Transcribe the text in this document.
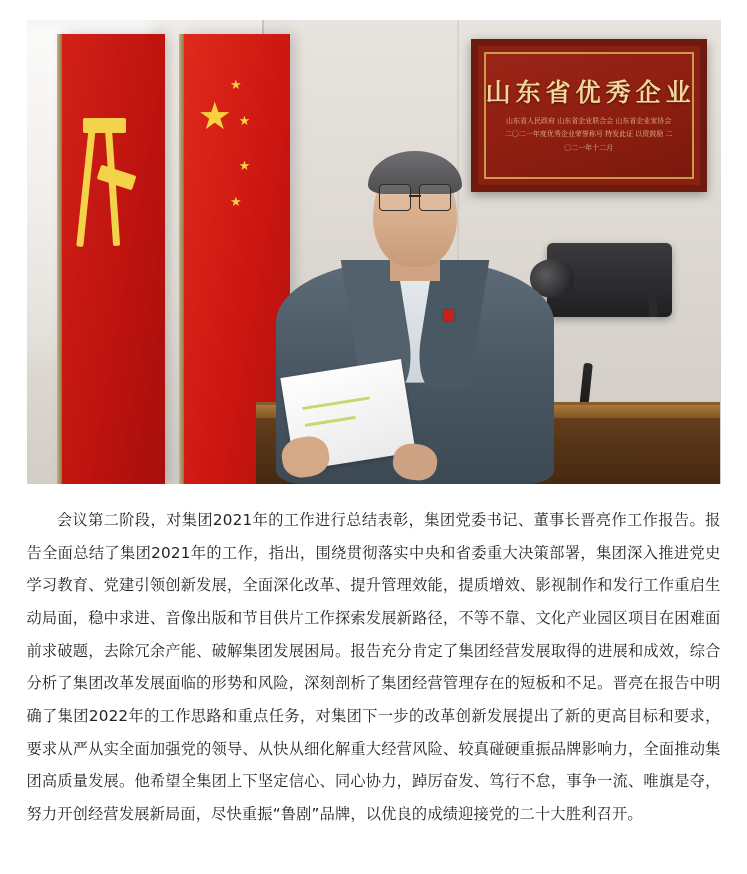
山东省优秀企业
山东省人民政府 山东省企业联合会 山东省企业家协会 二〇二一年度优秀企业荣誉称号 特发此证 以资鼓励 二〇二一年十二月
★
★
★
★
★

会议第二阶段，对集团2021年的工作进行总结表彰，集团党委书记、董事长晋亮作工作报告。报告全面总结了集团2021年的工作，指出，围绕贯彻落实中央和省委重大决策部署，集团深入推进党史学习教育、党建引领创新发展，全面深化改革、提升管理效能，提质增效、影视制作和发行工作重启生动局面，稳中求进、音像出版和节目供片工作探索发展新路径，不等不靠、文化产业园区项目在困难面前求破题，去除冗余产能、破解集团发展困局。报告充分肯定了集团经营发展取得的进展和成效，综合分析了集团改革发展面临的形势和风险，深刻剖析了集团经营管理存在的短板和不足。晋亮在报告中明确了集团2022年的工作思路和重点任务，对集团下一步的改革创新发展提出了新的更高目标和要求，要求从严从实全面加强党的领导、从快从细化解重大经营风险、较真碰硬重振品牌影响力，全面推动集团高质量发展。他希望全集团上下坚定信心、同心协力，踔厉奋发、笃行不怠，事争一流、唯旗是夺，努力开创经营发展新局面，尽快重振“鲁剧”品牌，以优良的成绩迎接党的二十大胜利召开。
